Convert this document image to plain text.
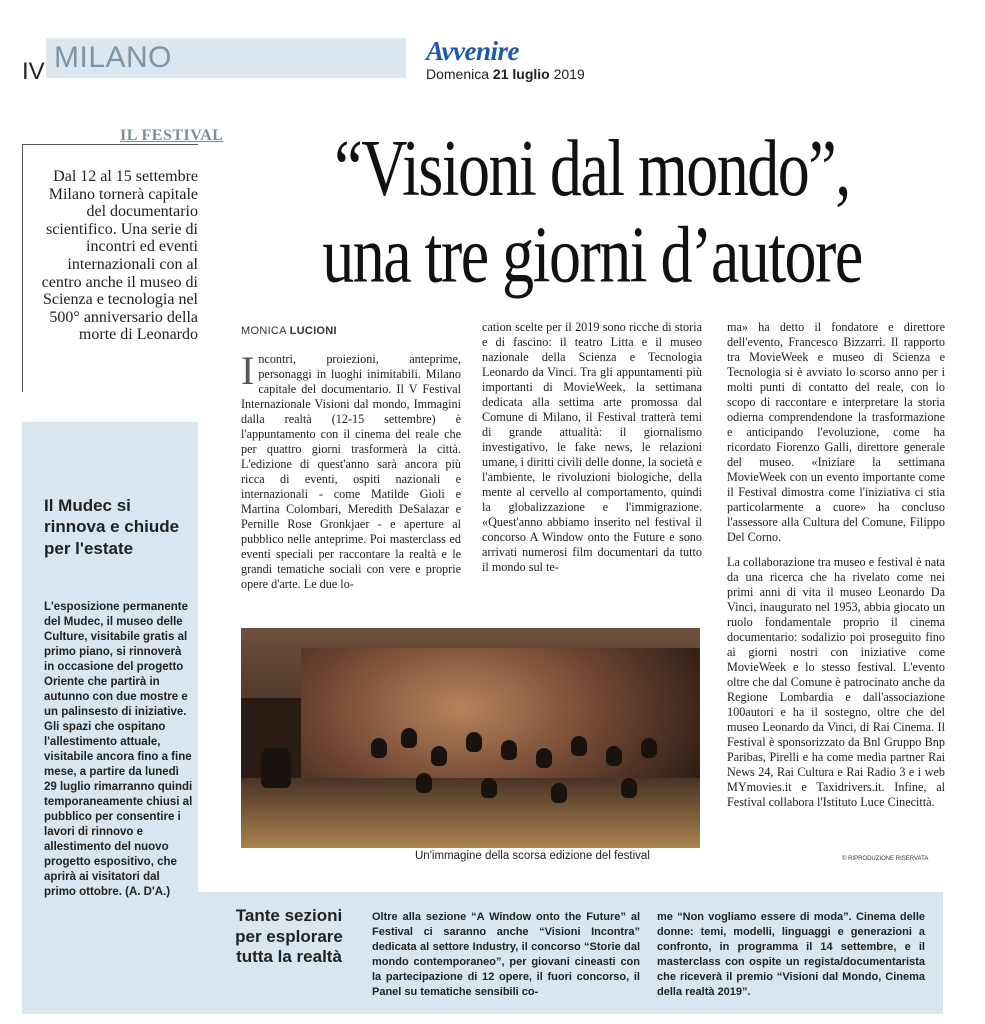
IV MILANO	Avvenire
Domenica 21 luglio 2019
IL FESTIVAL
Dal 12 al 15 settembre Milano tornerà capitale del documentario scientifico. Una serie di incontri ed eventi internazionali con al centro anche il museo di Scienza e tecnologia nel 500° anniversario della morte di Leonardo
“Visioni dal mondo”,
una tre giorni d’autore
MONICA LUCIONI
Incontri, proiezioni, anteprime, personaggi in luoghi inimitabili. Milano capitale del documentario. Il V Festival Internazionale Visioni dal mondo, Immagini dalla realtà (12-15 settembre) è l'appuntamento con il cinema del reale che per quattro giorni trasformerà la città. L'edizione di quest'anno sarà ancora più ricca di eventi, ospiti nazionali e internazionali - come Matilde Gioli e Martina Colombari, Meredith DeSalazar e Pernille Rose Gronkjaer - e aperture al pubblico nelle anteprime. Poi masterclass ed eventi speciali per raccontare la realtà e le grandi tematiche sociali con vere e proprie opere d'arte. Le due lo-
cation scelte per il 2019 sono ricche di storia e di fascino: il teatro Litta e il museo nazionale della Scienza e Tecnologia Leonardo da Vinci. Tra gli appuntamenti più importanti di MovieWeek, la settimana dedicata alla settima arte promossa dal Comune di Milano, il Festival tratterà temi di grande attualità: il giornalismo investigativo, le fake news, le relazioni umane, i diritti civili delle donne, la società e l'ambiente, le rivoluzioni biologiche, della mente al cervello al comportamento, quindi la globalizzazione e l'immigrazione. «Quest'anno abbiamo inserito nel festival il concorso A Window onto the Future e sono arrivati numerosi film documentari da tutto il mondo sul te-
ma» ha detto il fondatore e direttore dell'evento, Francesco Bizzarri. Il rapporto tra MovieWeek e museo di Scienza e Tecnologia si è avviato lo scorso anno per i molti punti di contatto del reale, con lo scopo di raccontare e interpretare la storia odierna comprendendone la trasformazione e anticipando l'evoluzione, come ha ricordato Fiorenzo Galli, direttore generale del museo. «Iniziare la settimana MovieWeek con un evento importante come il Festival dimostra come l'iniziativa ci stia particolarmente a cuore» ha concluso l'assessore alla Cultura del Comune, Filippo Del Corno.
La collaborazione tra museo e festival è nata da una ricerca che ha rivelato come nei primi anni di vita il museo Leonardo Da Vinci, inaugurato nel 1953, abbia giocato un ruolo fondamentale proprio il cinema documentario: sodalizio poi proseguito fino ai giorni nostri con iniziative come MovieWeek e lo stesso festival. L'evento oltre che dal Comune è patrocinato anche da Regione Lombardia e dall'associazione 100autori e ha il sostegno, oltre che del museo Leonardo da Vinci, di Rai Cinema. Il Festival è sponsorizzato da Bnl Gruppo Bnp Paribas, Pirelli e ha come media partner Rai News 24, Rai Cultura e Rai Radio 3 e i web MYmovies.it e Taxidrivers.it. Infine, al Festival collabora l'Istituto Luce Cinecittà.
Un'immagine della scorsa edizione del festival	© RIPRODUZIONE RISERVATA
Il Mudec si rinnova e chiude per l'estate
L'esposizione permanente del Mudec, il museo delle Culture, visitabile gratis al primo piano, si rinnoverà in occasione del progetto Oriente che partirà in autunno con due mostre e un palinsesto di iniziative. Gli spazi che ospitano l'allestimento attuale, visitabile ancora fino a fine mese, a partire da lunedì 29 luglio rimarranno quindi temporaneamente chiusi al pubblico per consentire i lavori di rinnovo e allestimento del nuovo progetto espositivo, che aprirà ai visitatori dal primo ottobre. (A. D'A.)
Tante sezioni per esplorare tutta la realtà
Oltre alla sezione “A Window onto the Future” al Festival ci saranno anche “Visioni Incontra” dedicata al settore Industry, il concorso “Storie dal mondo contemporaneo”, per giovani cineasti con la partecipazione di 12 opere, il fuori concorso, il Panel su tematiche sensibili co-
me “Non vogliamo essere di moda”. Cinema delle donne: temi, modelli, linguaggi e generazioni a confronto, in programma il 14 settembre, e il masterclass con ospite un regista/documentarista che riceverà il premio “Visioni dal Mondo, Cinema della realtà 2019”.
